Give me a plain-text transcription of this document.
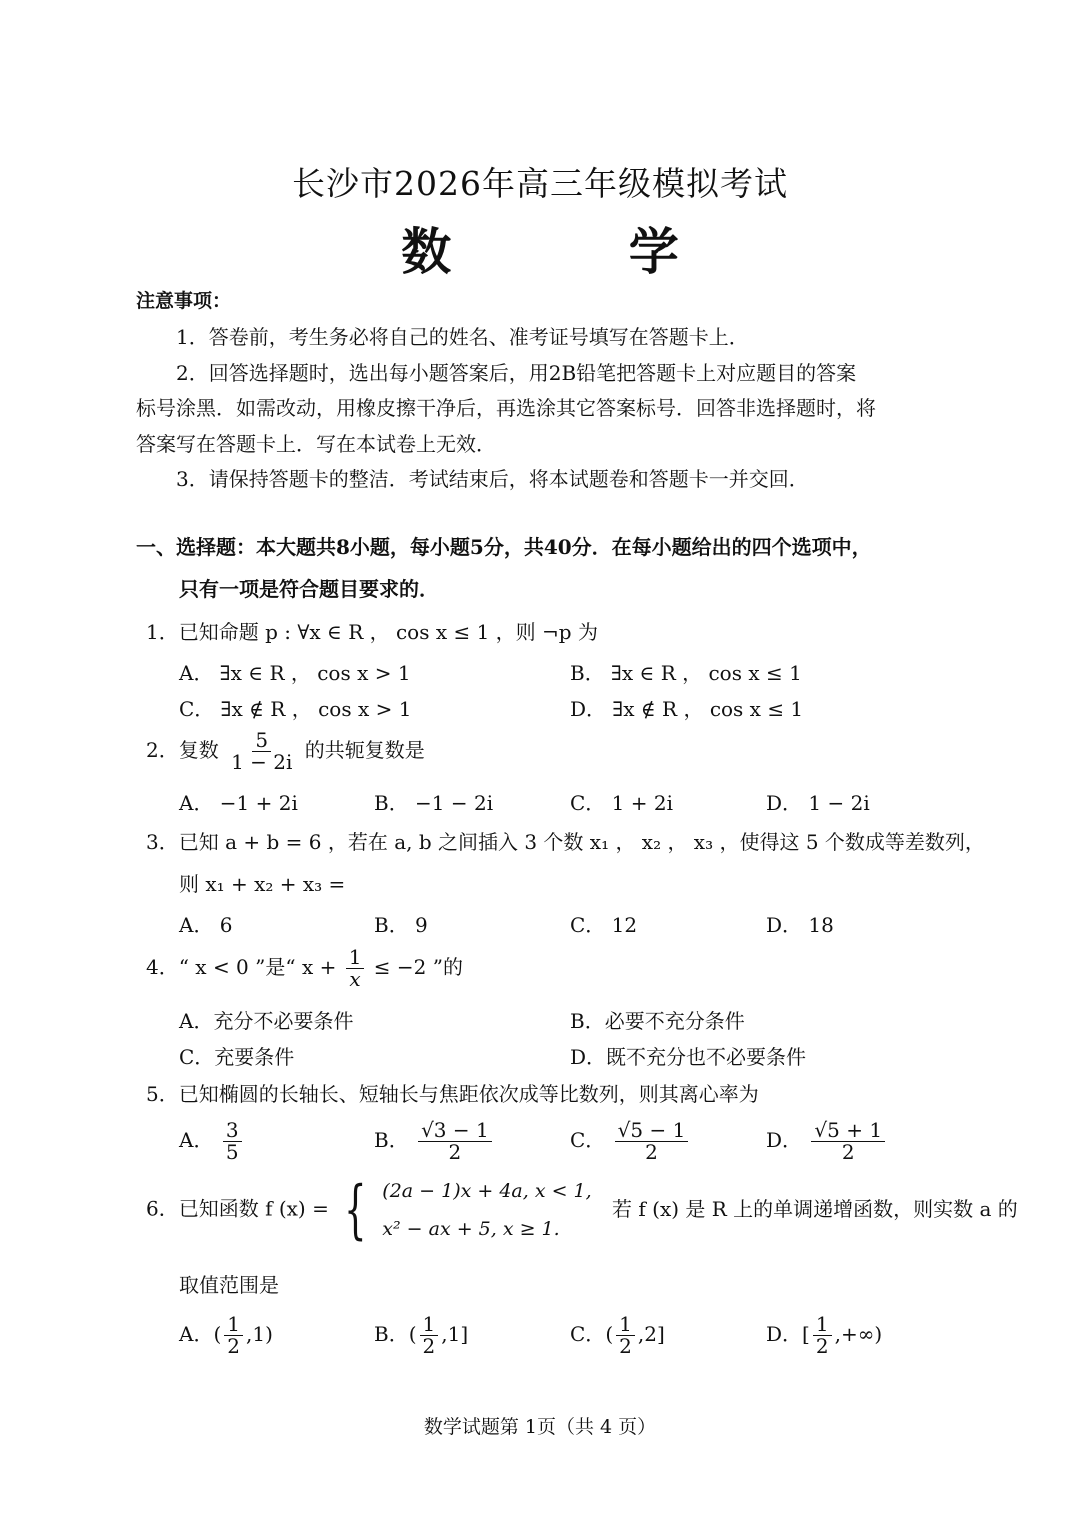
长沙市2026年高三年级模拟考试
数 学
注意事项：
1．答卷前，考生务必将自己的姓名、准考证号填写在答题卡上．
2．回答选择题时，选出每小题答案后，用2B铅笔把答题卡上对应题目的答案
标号涂黑．如需改动，用橡皮擦干净后，再选涂其它答案标号．回答非选择题时，将
答案写在答题卡上．写在本试卷上无效．
3．请保持答题卡的整洁．考试结束后，将本试题卷和答题卡一并交回．
一、选择题：本大题共8小题，每小题5分，共40分．在每小题给出的四个选项中，
只有一项是符合题目要求的．
1．已知命题 p : ∀x ∈ R ， cos x ≤ 1 ，则 ¬p 为
A． ∃x ∈ R ， cos x > 1	B． ∃x ∈ R ， cos x ≤ 1
C． ∃x ∉ R ， cos x > 1	D． ∃x ∉ R ， cos x ≤ 1
2．复数 $\frac{5}{1 - 2i}$ 的共轭复数是
A． −1 + 2i	B． −1 − 2i	C． 1 + 2i	D． 1 − 2i
3．已知 a + b = 6 ，若在 a, b 之间插入 3 个数 x₁ ， x₂ ， x₃ ，使得这 5 个数成等差数列，
则 x₁ + x₂ + x₃ =
A． 6	B． 9	C． 12	D． 18
4．“ x < 0 ”是“ $x + \frac{1}{x} \le -2$ ”的
A．充分不必要条件	B．必要不充分条件
C．充要条件	D．既不充分也不必要条件
5．已知椭圆的长轴长、短轴长与焦距依次成等比数列，则其离心率为
A． $\frac{3}{5}$	B． $\frac{√3 - 1}{2}$	C． $\frac{√5 - 1}{2}$	D． $\frac{√5 + 1}{2}$
6．已知函数 f (x) = { (2a − 1)x + 4a, x < 1,
x² − ax + 5, x ≥ 1.
若 f (x) 是 R 上的单调递增函数，则实数 a 的
取值范围是
A．( $\frac{1}{2} ,1$)	B．( $\frac{1}{2} ,1$]	C．( $\frac{1}{2} ,2$]	D．[ $\frac{1}{2}$ ,+∞)
数学试题第 1页（共 4 页）
